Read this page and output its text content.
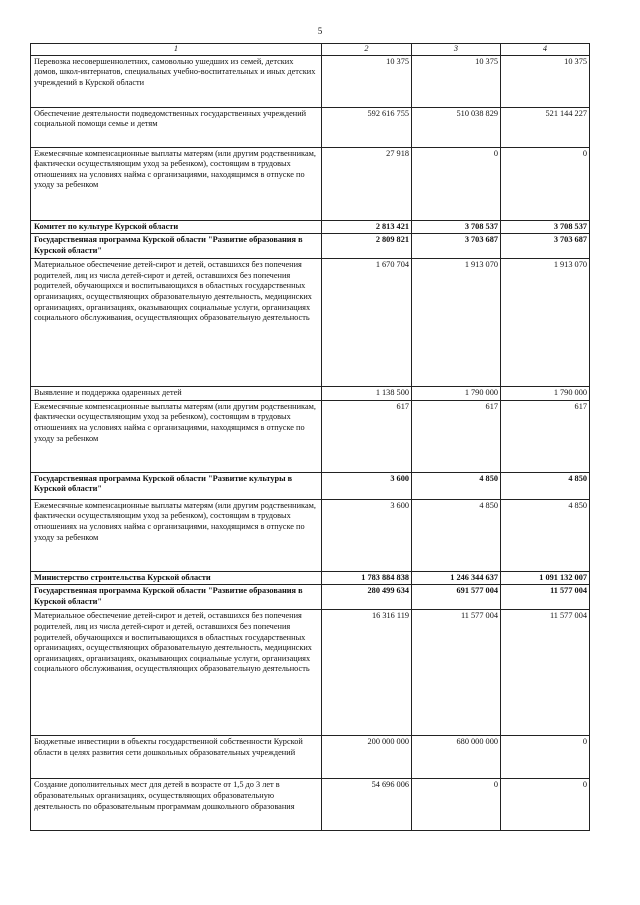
5
1	2	3	4
Перевозка несовершеннолетних, самовольно ушедших из семей, детских домов, школ-интернатов, специальных учебно-воспитательных и иных детских учреждений в Курской области	10 375	10 375	10 375
Обеспечение деятельности подведомственных государственных учреждений социальной помощи семье и детям	592 616 755	510 038 829	521 144 227
Ежемесячные компенсационные выплаты матерям (или другим родственникам, фактически осуществляющим уход за ребенком), состоящим в трудовых отношениях на условиях найма с организациями, находящимся в отпуске по уходу за ребенком	27 918	0	0
Комитет по культуре Курской области	2 813 421	3 708 537	3 708 537
Государственная программа Курской области "Развитие образования в Курской области"	2 809 821	3 703 687	3 703 687
Материальное обеспечение детей-сирот и детей, оставшихся без попечения родителей, лиц из числа детей-сирот и детей, оставшихся без попечения родителей, обучающихся и воспитывающихся в областных государственных организациях, осуществляющих образовательную деятельность, медицинских организациях, организациях, оказывающих социальные услуги, организациях социального обслуживания, осуществляющих образовательную деятельность	1 670 704	1 913 070	1 913 070
Выявление и поддержка одаренных детей	1 138 500	1 790 000	1 790 000
Ежемесячные компенсационные выплаты матерям (или другим родственникам, фактически осуществляющим уход за ребенком), состоящим в трудовых отношениях на условиях найма с организациями, находящимся в отпуске по уходу за ребенком	617	617	617
Государственная программа Курской области "Развитие культуры в Курской области"	3 600	4 850	4 850
Ежемесячные компенсационные выплаты матерям (или другим родственникам, фактически осуществляющим уход за ребенком), состоящим в трудовых отношениях на условиях найма с организациями, находящимся в отпуске по уходу за ребенком	3 600	4 850	4 850
Министерство строительства Курской области	1 783 884 838	1 246 344 637	1 091 132 007
Государственная программа Курской области "Развитие образования в Курской области"	280 499 634	691 577 004	11 577 004
Материальное обеспечение детей-сирот и детей, оставшихся без попечения родителей, лиц из числа детей-сирот и детей, оставшихся без попечения родителей, обучающихся и воспитывающихся в областных государственных организациях, осуществляющих образовательную деятельность, медицинских организациях, организациях, оказывающих социальные услуги, организациях социального обслуживания, осуществляющих образовательную деятельность	16 316 119	11 577 004	11 577 004
Бюджетные инвестиции в объекты государственной собственности Курской области в целях развития сети дошкольных образовательных учреждений	200 000 000	680 000 000	0
Создание дополнительных мест для детей в возрасте от 1,5 до 3 лет в образовательных организациях, осуществляющих образовательную деятельность по образовательным программам дошкольного образования	54 696 006	0	0
